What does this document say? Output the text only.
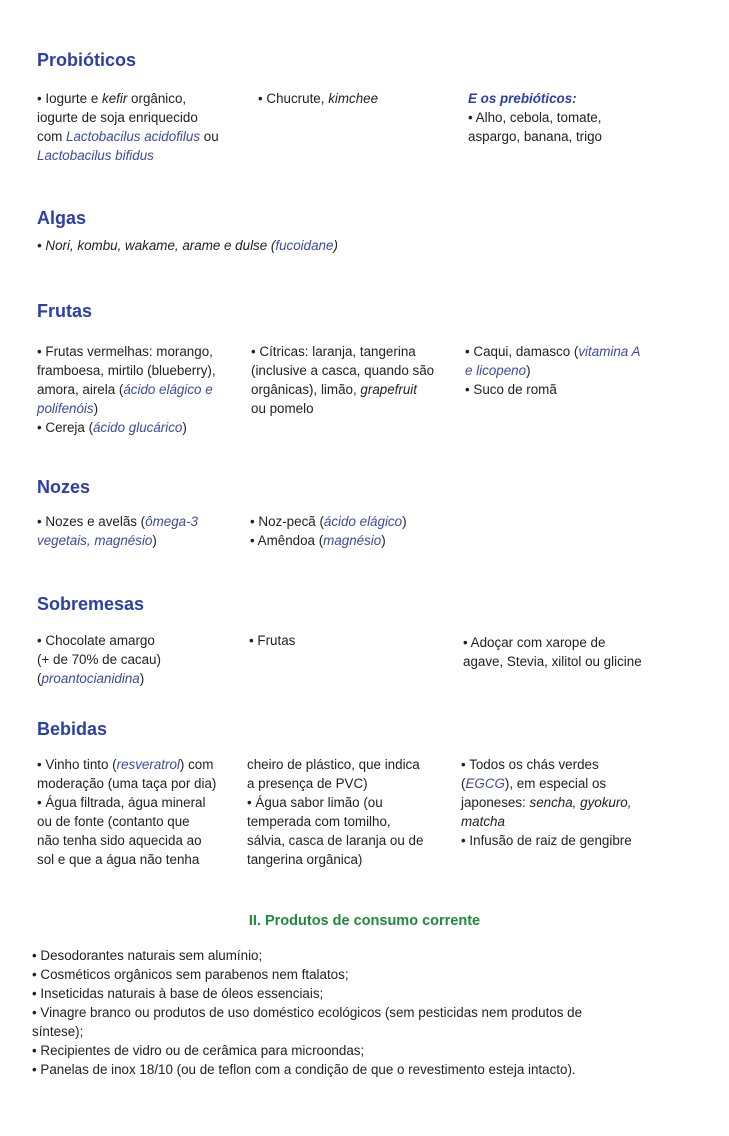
Probióticos

• Iogurte e kefir orgânico,

iogurte de soja enriquecido

com Lactobacilus acidofilus ou

Lactobacilus bifidus

• Chucrute, kimchee	E os prebióticos:

• Alho, cebola, tomate,

aspargo, banana, trigo

Algas

• Nori, kombu, wakame, arame e dulse (fucoidane)

Frutas

• Frutas vermelhas: morango,

framboesa, mirtilo (blueberry),

amora, airela (ácido elágico e

polifenóis)

• Cereja (ácido glucárico)

• Cítricas: laranja, tangerina

(inclusive a casca, quando são

orgânicas), limão, grapefruit

ou pomelo

• Caqui, damasco (vitamina A

e licopeno)

• Suco de romã

Nozes

• Nozes e avelãs (ômega-3

vegetais, magnésio)

• Noz-pecã (ácido elágico)

• Amêndoa (magnésio)

Sobremesas

• Chocolate amargo

(+ de 70% de cacau)

(proantocianidina)

• Frutas	• Adoçar com xarope de

agave, Stevia, xilitol ou glicine

Bebidas

• Vinho tinto (resveratrol) com

moderação (uma taça por dia)

• Água filtrada, água mineral

ou de fonte (contanto que

não tenha sido aquecida ao

sol e que a água não tenha

cheiro de plástico, que indica

a presença de PVC)

• Água sabor limão (ou

temperada com tomilho,

sálvia, casca de laranja ou de

tangerina orgânica)

• Todos os chás verdes

(EGCG), em especial os

japoneses: sencha, gyokuro,

matcha

• Infusão de raiz de gengibre

II. Produtos de consumo corrente

• Desodorantes naturais sem alumínio;

• Cosméticos orgânicos sem parabenos nem ftalatos;

• Inseticidas naturais à base de óleos essenciais;

• Vinagre branco ou produtos de uso doméstico ecológicos (sem pesticidas nem produtos de

síntese);

• Recipientes de vidro ou de cerâmica para microondas;

• Panelas de inox 18/10 (ou de teflon com a condição de que o revestimento esteja intacto).
